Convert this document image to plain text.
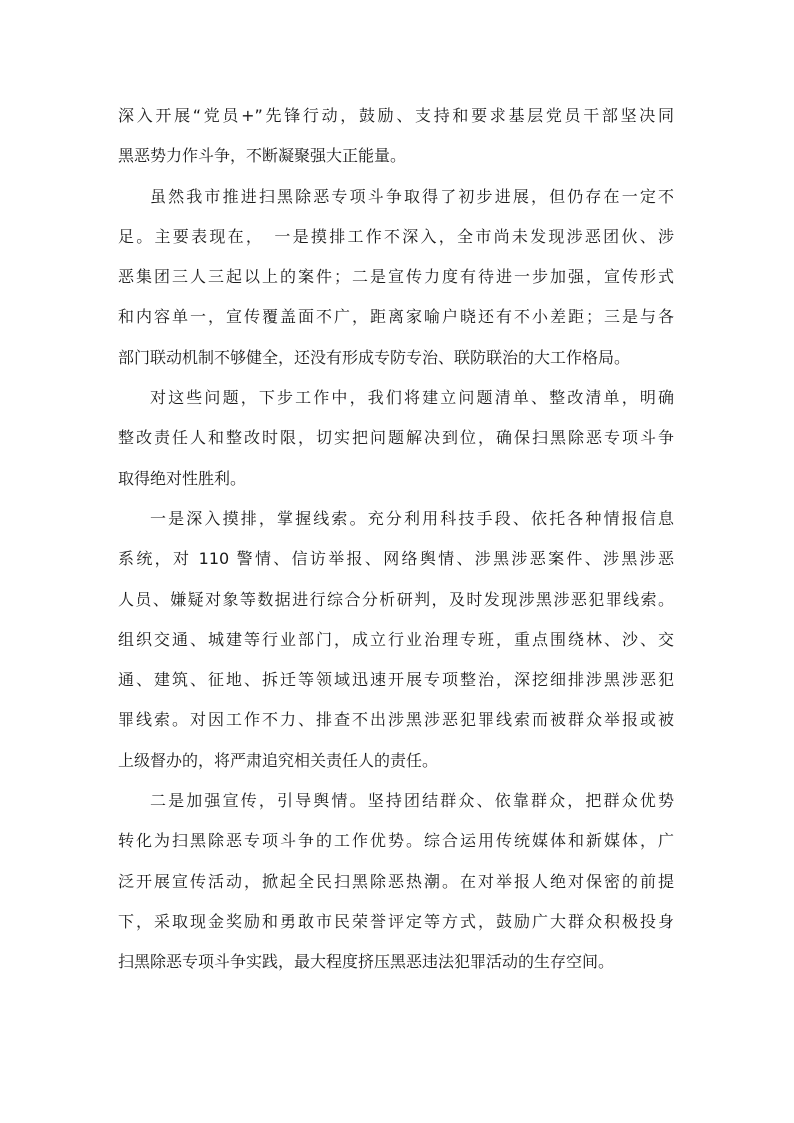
深入开展“党员+”先锋行动，鼓励、支持和要求基层党员干部坚决同
黑恶势力作斗争，不断凝聚强大正能量。
虽然我市推进扫黑除恶专项斗争取得了初步进展，但仍存在一定不
足。主要表现在，　一是摸排工作不深入，全市尚未发现涉恶团伙、涉
恶集团三人三起以上的案件；二是宣传力度有待进一步加强，宣传形式
和内容单一，宣传覆盖面不广，距离家喻户晓还有不小差距；三是与各
部门联动机制不够健全，还没有形成专防专治、联防联治的大工作格局。
对这些问题，下步工作中，我们将建立问题清单、整改清单，明确
整改责任人和整改时限，切实把问题解决到位，确保扫黑除恶专项斗争
取得绝对性胜利。
一是深入摸排，掌握线索。充分利用科技手段、依托各种情报信息
系统，对 110 警情、信访举报、网络舆情、涉黑涉恶案件、涉黑涉恶
人员、嫌疑对象等数据进行综合分析研判，及时发现涉黑涉恶犯罪线索。
组织交通、城建等行业部门，成立行业治理专班，重点围绕林、沙、交
通、建筑、征地、拆迁等领域迅速开展专项整治，深挖细排涉黑涉恶犯
罪线索。对因工作不力、排查不出涉黑涉恶犯罪线索而被群众举报或被
上级督办的，将严肃追究相关责任人的责任。
二是加强宣传，引导舆情。坚持团结群众、依靠群众，把群众优势
转化为扫黑除恶专项斗争的工作优势。综合运用传统媒体和新媒体，广
泛开展宣传活动，掀起全民扫黑除恶热潮。在对举报人绝对保密的前提
下，采取现金奖励和勇敢市民荣誉评定等方式，鼓励广大群众积极投身
扫黑除恶专项斗争实践，最大程度挤压黑恶违法犯罪活动的生存空间。
